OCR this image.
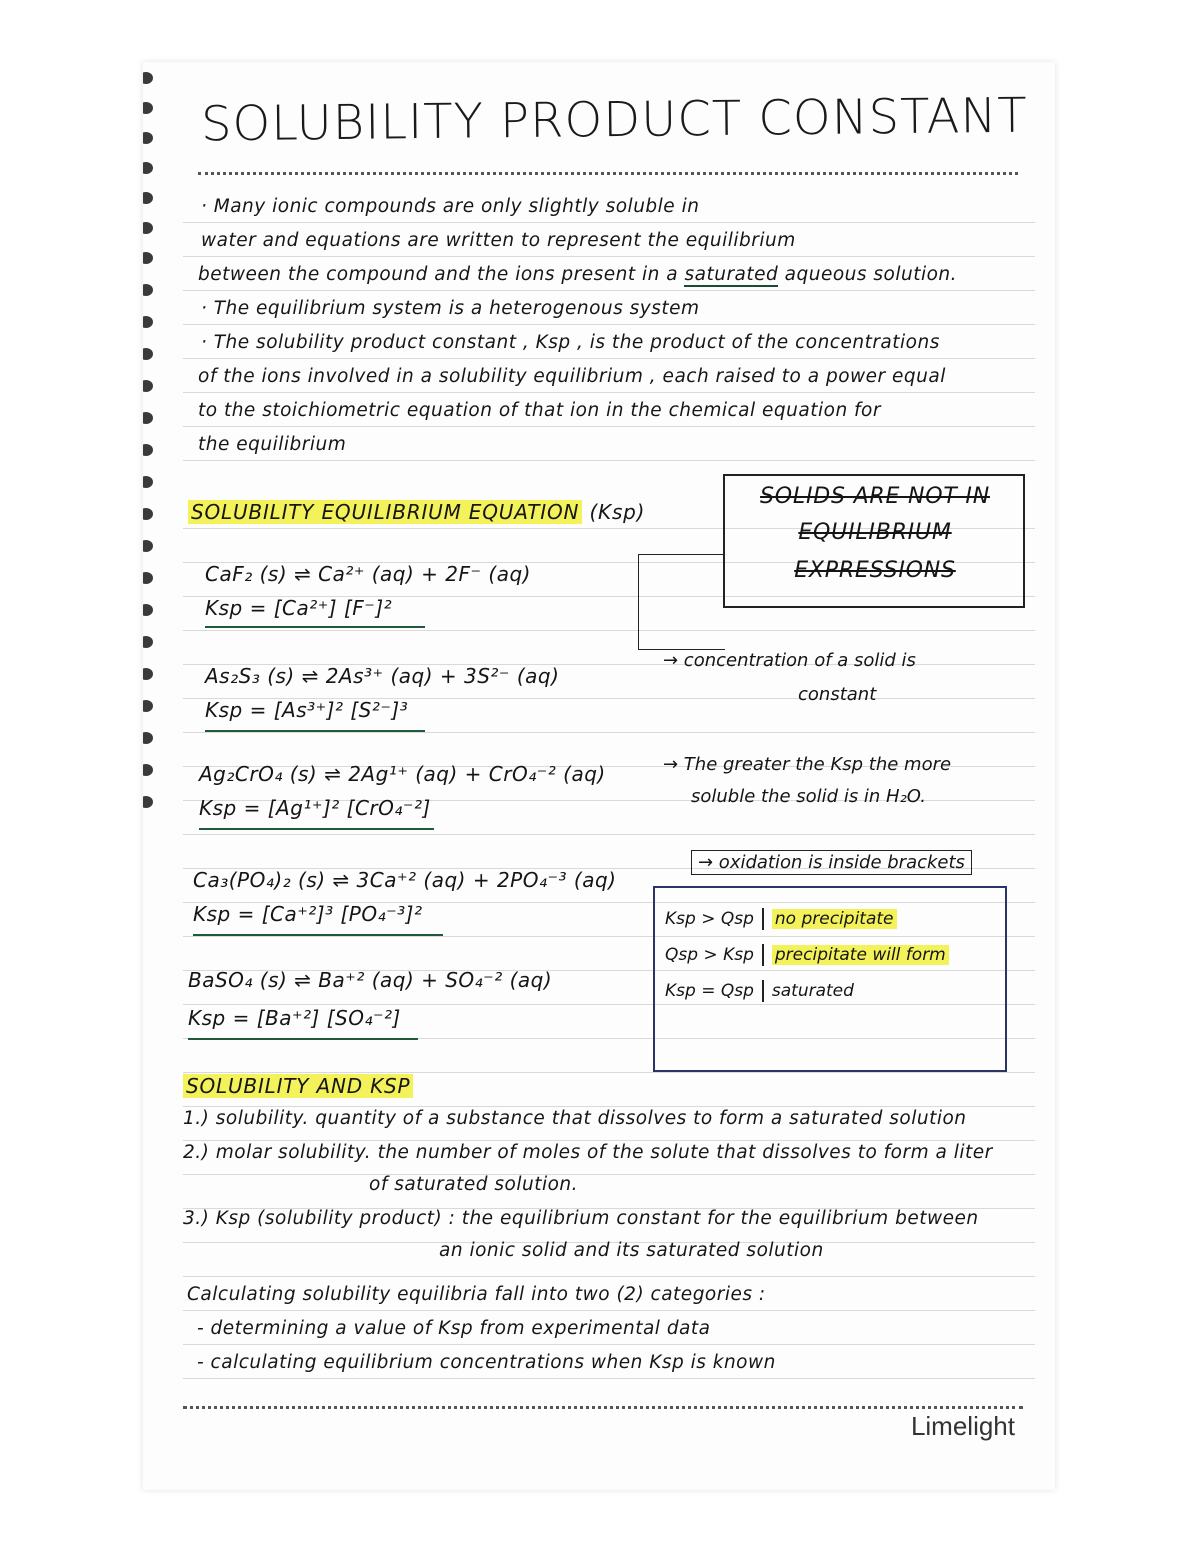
SOLUBILITY PRODUCT CONSTANT
· Many ionic compounds are only slightly soluble in
water and equations are written to represent the equilibrium
between the compound and the ions present in a saturated aqueous solution.
· The equilibrium system is a heterogenous system
· The solubility product constant , Ksp , is the product of the concentrations
of the ions involved in a solubility equilibrium , each raised to a power equal
to the stoichiometric equation of that ion in the chemical equation for
the equilibrium
SOLUBILITY EQUILIBRIUM EQUATION (Ksp)
SOLIDS ARE NOT IN
EQUILIBRIUM
EXPRESSIONS
CaF₂ (s) ⇌ Ca²⁺ (aq) + 2F⁻ (aq)
Ksp = [Ca²⁺] [F⁻]²
As₂S₃ (s) ⇌ 2As³⁺ (aq) + 3S²⁻ (aq)
Ksp = [As³⁺]² [S²⁻]³
Ag₂CrO₄ (s) ⇌ 2Ag¹⁺ (aq) + CrO₄⁻² (aq)
Ksp = [Ag¹⁺]² [CrO₄⁻²]
Ca₃(PO₄)₂ (s) ⇌ 3Ca⁺² (aq) + 2PO₄⁻³ (aq)
Ksp = [Ca⁺²]³ [PO₄⁻³]²
BaSO₄ (s) ⇌ Ba⁺² (aq) + SO₄⁻² (aq)
Ksp = [Ba⁺²] [SO₄⁻²]
→ concentration of a solid is
constant
→ The greater the Ksp the more
soluble the solid is in H₂O.
→ oxidation is inside brackets
Ksp > Qsp no precipitate
Qsp > Ksp precipitate will form
Ksp = Qsp saturated
SOLUBILITY AND KSP
1.) solubility. quantity of a substance that dissolves to form a saturated solution
2.) molar solubility. the number of moles of the solute that dissolves to form a liter
of saturated solution.
3.) Ksp (solubility product) : the equilibrium constant for the equilibrium between
an ionic solid and its saturated solution
Calculating solubility equilibria fall into two (2) categories :
- determining a value of Ksp from experimental data
- calculating equilibrium concentrations when Ksp is known
Limelight
